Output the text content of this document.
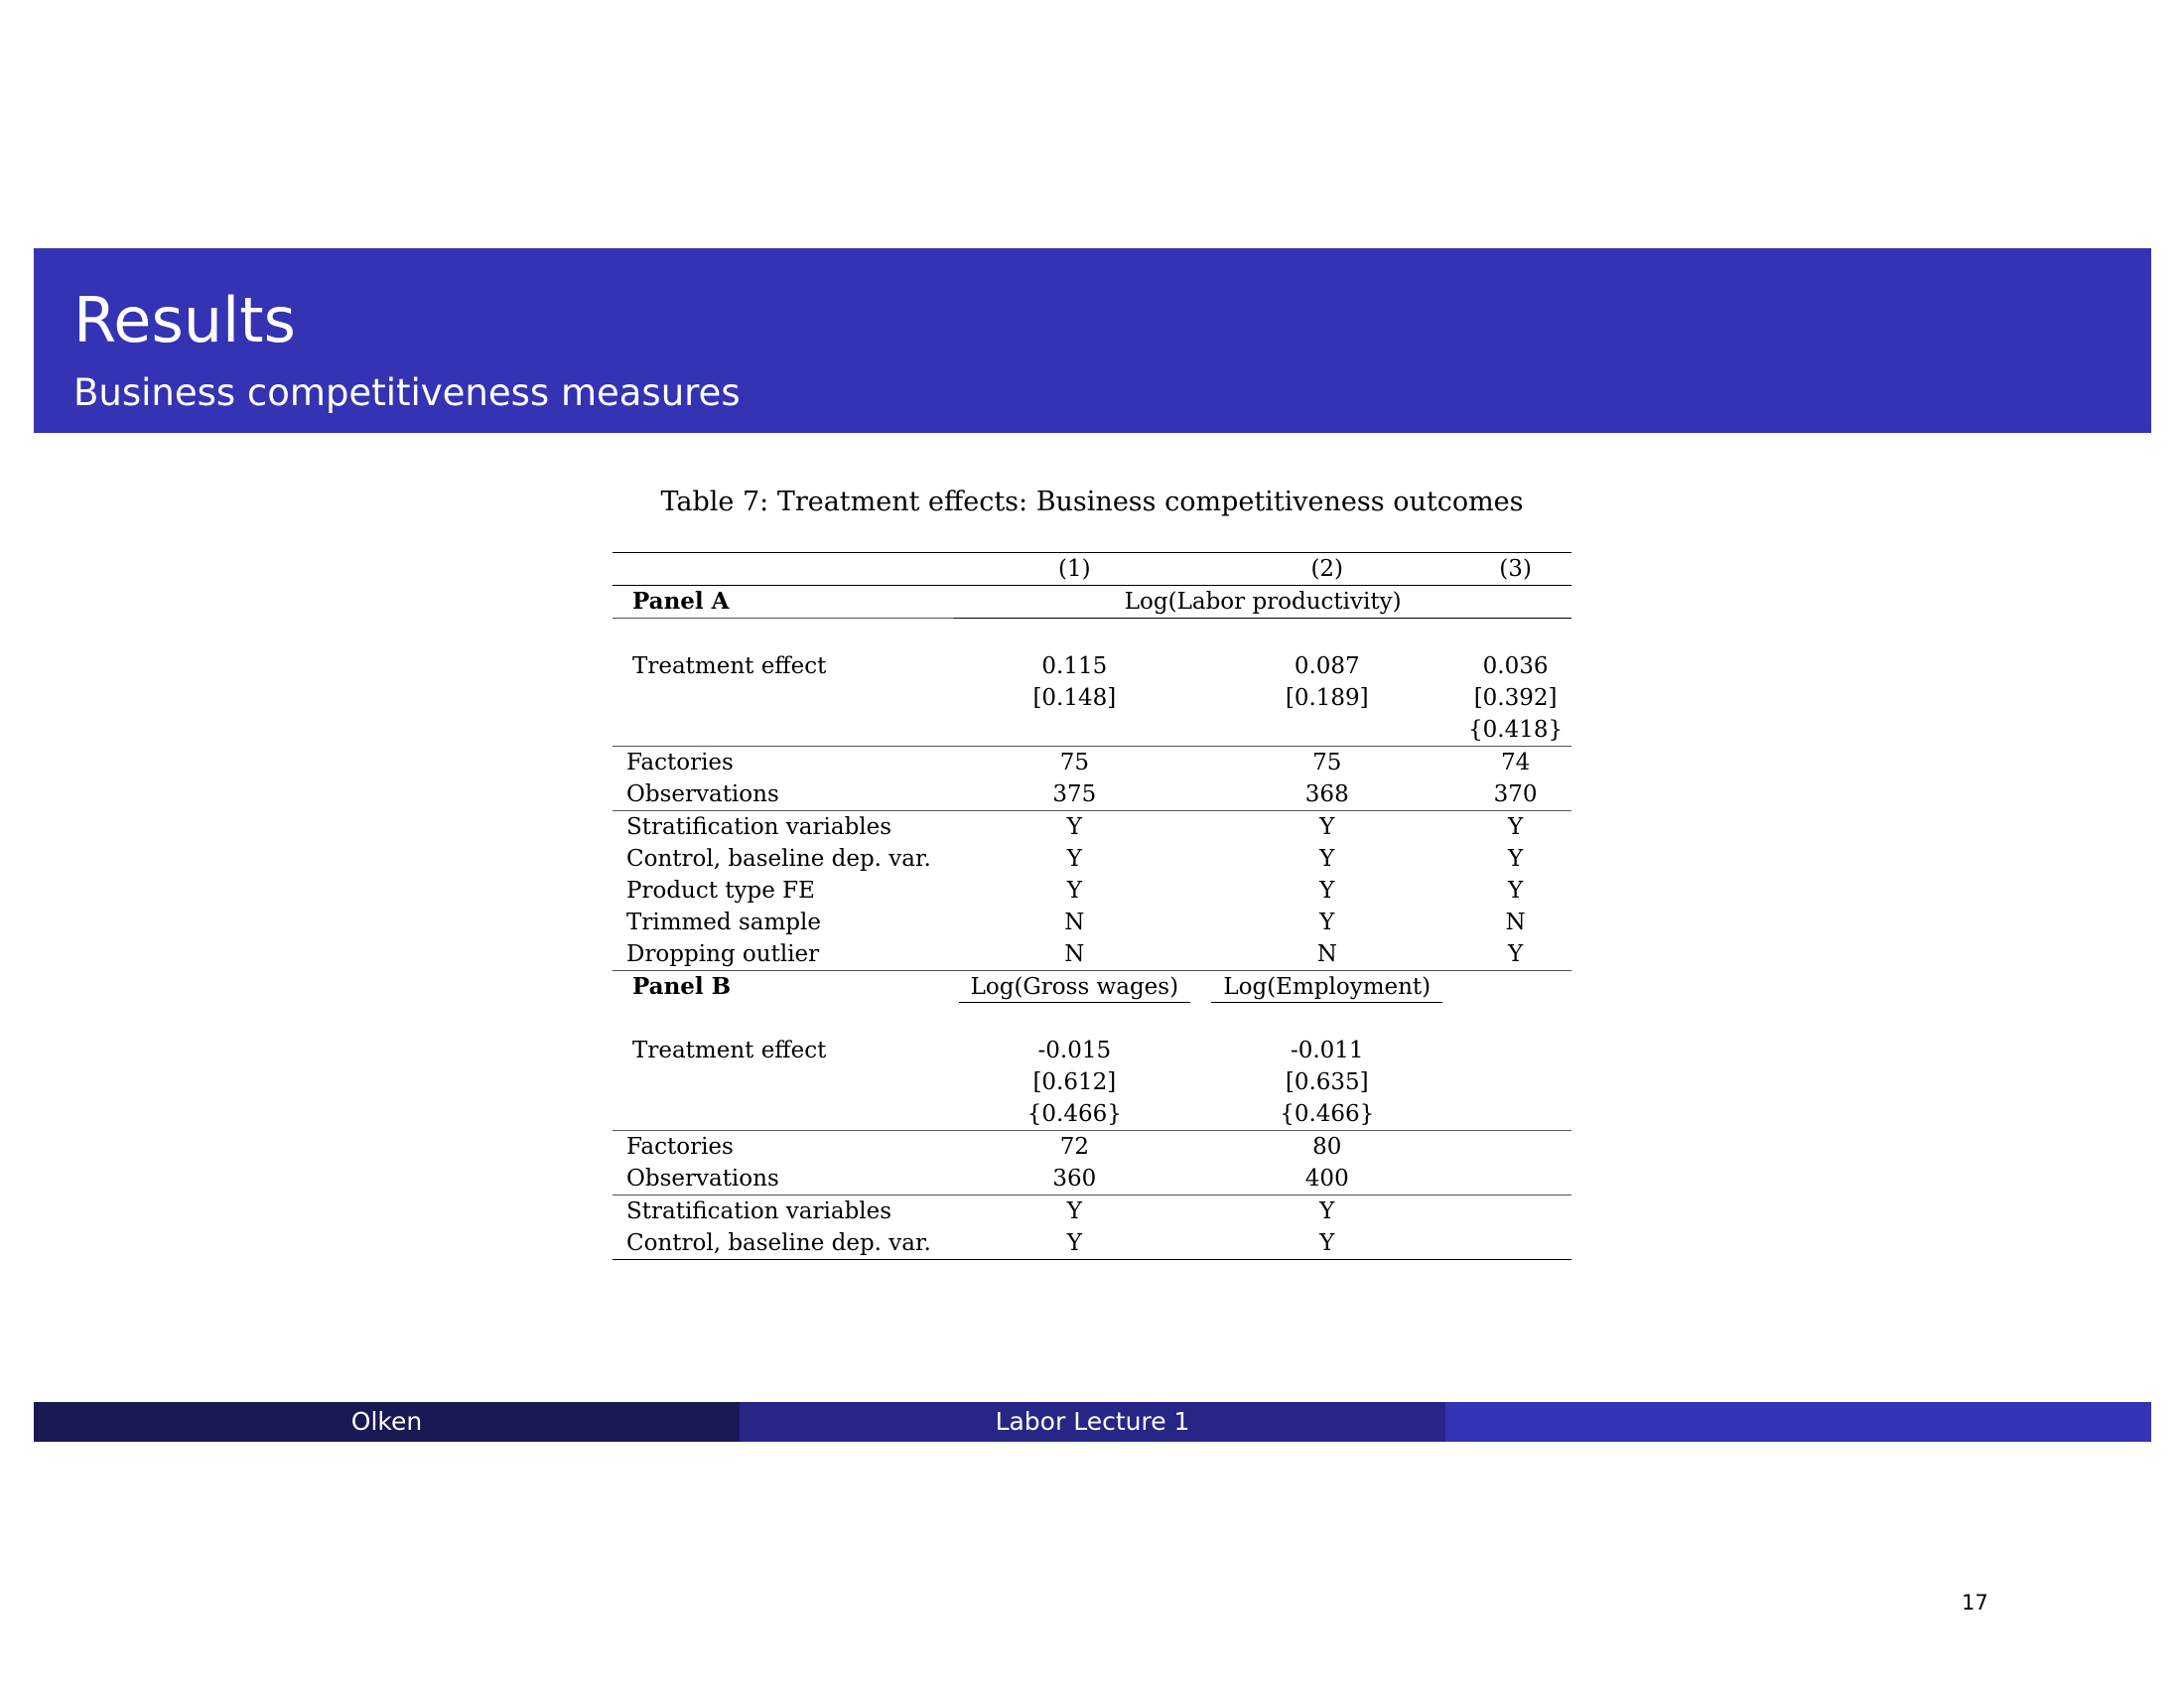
Results
Business competitiveness measures
Table 7: Treatment effects: Business competitiveness outcomes
	(1)	(2)	(3)
Panel A	Log(Labor productivity)		

Treatment effect	0.115	0.087	0.036
	[0.148]	[0.189]	[0.392]
			{0.418}
Factories	75	75	74
Observations	375	368	370
Stratification variables	Y	Y	Y
Control, baseline dep. var.	Y	Y	Y
Product type FE	Y	Y	Y
Trimmed sample	N	Y	N
Dropping outlier	N	N	Y
Panel B	Log(Gross wages)	Log(Employment)	

Treatment effect	-0.015	-0.011	
	[0.612]	[0.635]	
	{0.466}	{0.466}	
Factories	72	80	
Observations	360	400	
Stratification variables	Y	Y	
Control, baseline dep. var.	Y	Y	
Olken	Labor Lecture 1
17
